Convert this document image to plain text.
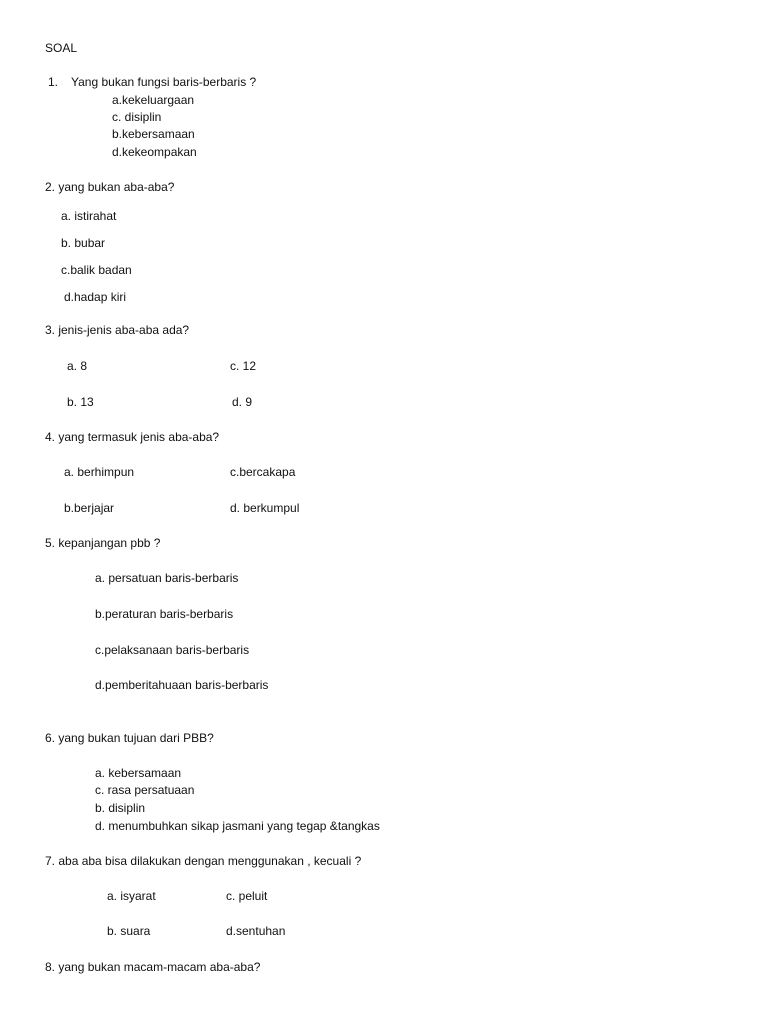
SOAL
1. Yang bukan fungsi baris-berbaris ?
a.kekeluargaan
c. disiplin
b.kebersamaan
d.kekeompakan
2. yang bukan aba-aba?
a. istirahat
b. bubar
c.balik badan
d.hadap kiri
3. jenis-jenis aba-aba ada?
a. 8	c. 12
b. 13	d. 9
4. yang termasuk jenis aba-aba?
a. berhimpun	c.bercakapa
b.berjajar	d. berkumpul
5. kepanjangan pbb ?
a. persatuan baris-berbaris
b.peraturan baris-berbaris
c.pelaksanaan baris-berbaris
d.pemberitahuaan baris-berbaris
6. yang bukan tujuan dari PBB?
a. kebersamaan
c. rasa persatuaan
b. disiplin
d. menumbuhkan sikap jasmani yang tegap &tangkas
7. aba aba bisa dilakukan dengan menggunakan , kecuali ?
a. isyarat	c. peluit
b. suara	d.sentuhan
8. yang bukan macam-macam aba-aba?
